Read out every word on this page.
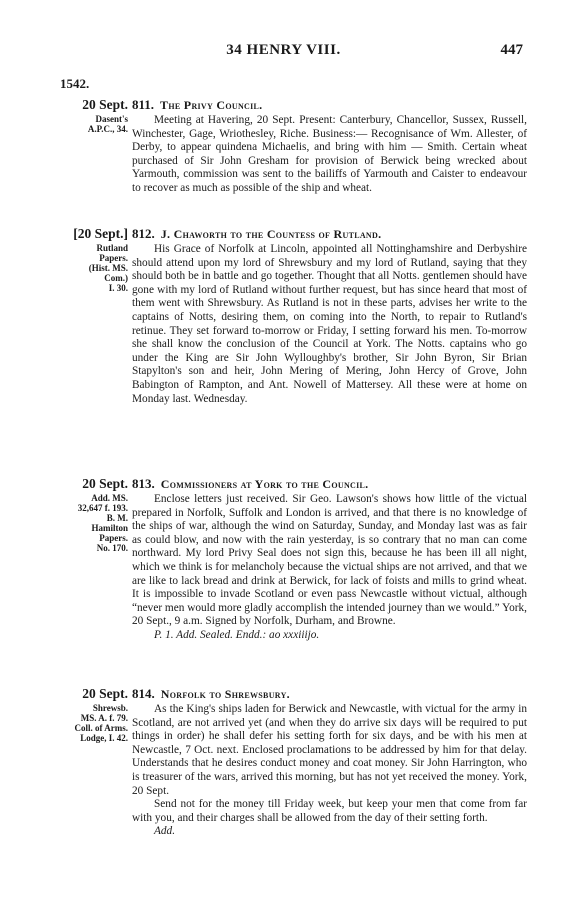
34 HENRY VIII.	447
1542.
20 Sept.
Dasent's
A.P.C., 34.
811. The Privy Council.

Meeting at Havering, 20 Sept. Present: Canterbury, Chancellor, Sussex, Russell, Winchester, Gage, Wriothesley, Riche. Business:— Recognisance of Wm. Allester, of Derby, to appear quindena Michaelis, and bring with him — Smith. Certain wheat purchased of Sir John Gresham for provision of Berwick being wrecked about Yarmouth, commission was sent to the bailiffs of Yarmouth and Caister to endeavour to recover as much as possible of the ship and wheat.

[20 Sept.]
Rutland
Papers.
(Hist. MS.
Com.)
I. 30.
812. J. Chaworth to the Countess of Rutland.

His Grace of Norfolk at Lincoln, appointed all Nottinghamshire and Derbyshire should attend upon my lord of Shrewsbury and my lord of Rutland, saying that they should both be in battle and go together. Thought that all Notts. gentlemen should have gone with my lord of Rutland without further request, but has since heard that most of them went with Shrewsbury. As Rutland is not in these parts, advises her write to the captains of Notts, desiring them, on coming into the North, to repair to Rutland's retinue. They set forward to-morrow or Friday, I setting forward his men. To-morrow she shall know the conclusion of the Council at York. The Notts. captains who go under the King are Sir John Wylloughby's brother, Sir John Byron, Sir Brian Stapylton's son and heir, John Mering of Mering, John Hercy of Grove, John Babington of Rampton, and Ant. Nowell of Mattersey. All these were at home on Monday last. Wednesday.

20 Sept.
Add. MS.
32,647 f. 193.
B. M.
Hamilton
Papers.
No. 170.
813. Commissioners at York to the Council.

Enclose letters just received. Sir Geo. Lawson's shows how little of the victual prepared in Norfolk, Suffolk and London is arrived, and that there is no knowledge of the ships of war, although the wind on Saturday, Sunday, and Monday last was as fair as could blow, and now with the rain yesterday, is so contrary that no man can come northward. My lord Privy Seal does not sign this, because he has been ill all night, which we think is for melancholy because the victual ships are not arrived, and that we are like to lack bread and drink at Berwick, for lack of foists and mills to grind wheat. It is impossible to invade Scotland or even pass Newcastle without victual, although “never men would more gladly accomplish the intended journey than we would.” York, 20 Sept., 9 a.m. Signed by Norfolk, Durham, and Browne.

P. 1. Add. Sealed. Endd.: ao xxxiiijo.

20 Sept.
Shrewsb.
MS. A. f. 79.
Coll. of Arms.
Lodge, I. 42.
814. Norfolk to Shrewsbury.

As the King's ships laden for Berwick and Newcastle, with victual for the army in Scotland, are not arrived yet (and when they do arrive six days will be required to put things in order) he shall defer his setting forth for six days, and be with his men at Newcastle, 7 Oct. next. Enclosed proclamations to be addressed by him for that delay. Understands that he desires conduct money and coat money. Sir John Harrington, who is treasurer of the wars, arrived this morning, but has not yet received the money. York, 20 Sept.

Send not for the money till Friday week, but keep your men that come from far with you, and their charges shall be allowed from the day of their setting forth.

Add.
